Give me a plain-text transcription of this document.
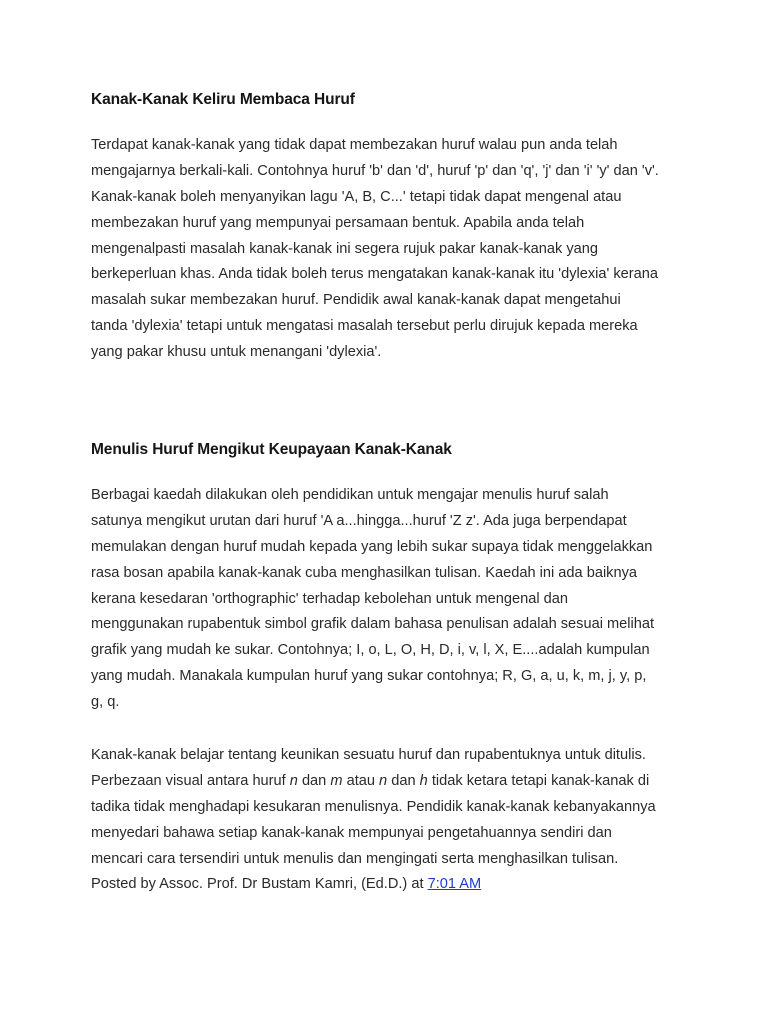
Kanak-Kanak Keliru Membaca Huruf
Terdapat kanak-kanak yang tidak dapat membezakan huruf walau pun anda telah
mengajarnya berkali-kali. Contohnya huruf 'b' dan 'd', huruf 'p' dan 'q', 'j' dan 'i' 'y' dan 'v'.
Kanak-kanak boleh menyanyikan lagu 'A, B, C...' tetapi tidak dapat mengenal atau
membezakan huruf yang mempunyai persamaan bentuk. Apabila anda telah
mengenalpasti masalah kanak-kanak ini segera rujuk pakar kanak-kanak yang
berkeperluan khas. Anda tidak boleh terus mengatakan kanak-kanak itu 'dylexia' kerana
masalah sukar membezakan huruf. Pendidik awal kanak-kanak dapat mengetahui
tanda 'dylexia' tetapi untuk mengatasi masalah tersebut perlu dirujuk kepada mereka
yang pakar khusu untuk menangani 'dylexia'.
Menulis Huruf Mengikut Keupayaan Kanak-Kanak
Berbagai kaedah dilakukan oleh pendidikan untuk mengajar menulis huruf salah
satunya mengikut urutan dari huruf 'A a...hingga...huruf 'Z z'. Ada juga berpendapat
memulakan dengan huruf mudah kepada yang lebih sukar supaya tidak menggelakkan
rasa bosan apabila kanak-kanak cuba menghasilkan tulisan. Kaedah ini ada baiknya
kerana kesedaran 'orthographic' terhadap kebolehan untuk mengenal dan
menggunakan rupabentuk simbol grafik dalam bahasa penulisan adalah sesuai melihat
grafik yang mudah ke sukar. Contohnya; I, o, L, O, H, D, i, v, l, X, E....adalah kumpulan
yang mudah. Manakala kumpulan huruf yang sukar contohnya; R, G, a, u, k, m, j, y, p,
g, q.
Kanak-kanak belajar tentang keunikan sesuatu huruf dan rupabentuknya untuk ditulis.
Perbezaan visual antara huruf n dan m atau n dan h tidak ketara tetapi kanak-kanak di
tadika tidak menghadapi kesukaran menulisnya. Pendidik kanak-kanak kebanyakannya
menyedari bahawa setiap kanak-kanak mempunyai pengetahuannya sendiri dan
mencari cara tersendiri untuk menulis dan mengingati serta menghasilkan tulisan.
Posted by Assoc. Prof. Dr Bustam Kamri, (Ed.D.) at 7:01 AM
